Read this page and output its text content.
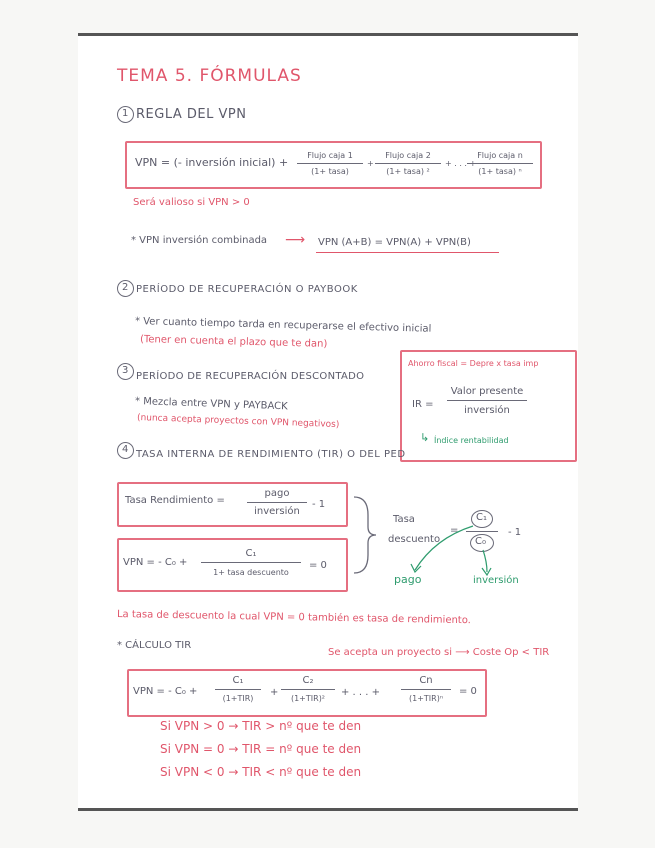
TEMA 5. FÓRMULAS
1 REGLA DEL VPN
VPN = (- inversión inicial) +
Flujo caja 1
(1+ tasa)
+
Flujo caja 2
(1+ tasa) ²
+ . . . +
Flujo caja n
(1+ tasa) ⁿ
Será valioso si VPN > 0
* VPN inversión combinada ⟶ VPN (A+B) = VPN(A) + VPN(B)
2 PERÍODO DE RECUPERACIÓN O PAYBOOK
* Ver cuanto tiempo tarda en recuperarse el efectivo inicial
(Tener en cuenta el plazo que te dan)
Ahorro fiscal = Depre x tasa imp
IR =
Valor presente
inversión
↳ Índice rentabilidad
3
PERÍODO DE RECUPERACIÓN DESCONTADO
* Mezcla entre VPN y PAYBACK
(nunca acepta proyectos con VPN negativos)
4 TASA INTERNA DE RENDIMIENTO (TIR) O DEL PED
Tasa Rendimiento =
pago
inversión
- 1
VPN = - C₀ +
C₁
1+ tasa descuento
= 0
Tasa
descuento
=
C₁
C₀
- 1
pago	inversión
La tasa de descuento la cual VPN = 0 también es tasa de rendimiento.
* CÁLCULO TIR
Se acepta un proyecto si ⟶ Coste Op < TIR
VPN = - C₀ +
C₁
(1+TIR)
+
C₂
(1+TIR)²
+ . . . +
Cn
(1+TIR)ⁿ
= 0
Si VPN > 0 → TIR > nº que te den
Si VPN = 0 → TIR = nº que te den
Si VPN < 0 → TIR < nº que te den
